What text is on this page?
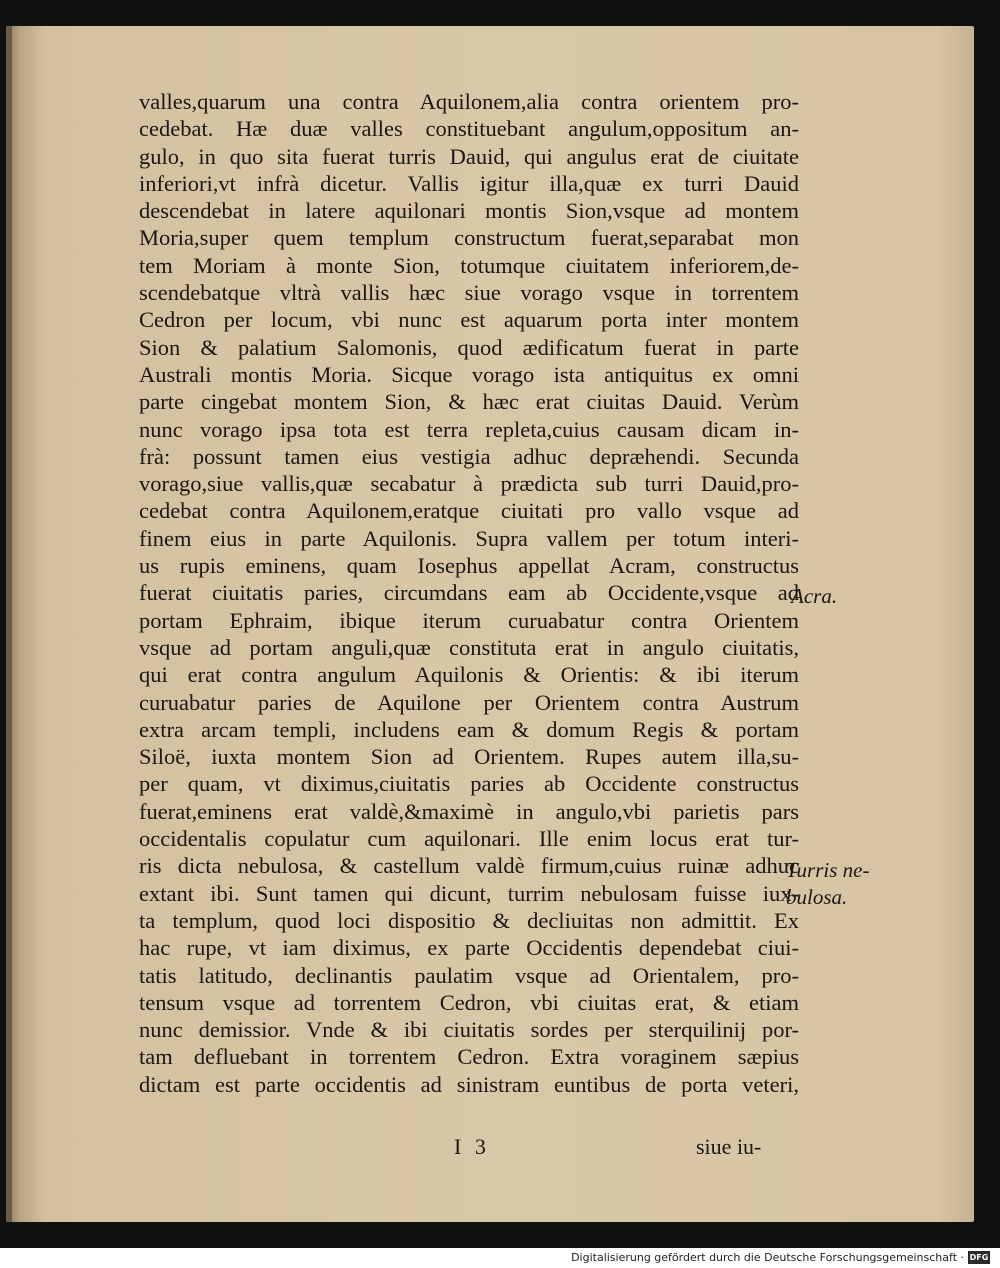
valles,quarum una contra Aquilonem,alia contra orientem pro-
cedebat. Hæ duæ valles constituebant angulum,oppositum an-
gulo, in quo sita fuerat turris Dauid, qui angulus erat de ciuitate
inferiori,vt infrà dicetur. Vallis igitur illa,quæ ex turri Dauid
descendebat in latere aquilonari montis Sion,vsque ad montem
Moria,super quem templum constructum fuerat,separabat mon
tem Moriam à monte Sion, totumque ciuitatem inferiorem,de-
scendebatque vltrà vallis hæc siue vorago vsque in torrentem
Cedron per locum, vbi nunc est aquarum porta inter montem
Sion & palatium Salomonis, quod ædificatum fuerat in parte
Australi montis Moria. Sicque vorago ista antiquitus ex omni
parte cingebat montem Sion, & hæc erat ciuitas Dauid. Verùm
nunc vorago ipsa tota est terra repleta,cuius causam dicam in-
frà: possunt tamen eius vestigia adhuc depræhendi. Secunda
vorago,siue vallis,quæ secabatur à prædicta sub turri Dauid,pro-
cedebat contra Aquilonem,eratque ciuitati pro vallo vsque ad
finem eius in parte Aquilonis. Supra vallem per totum interi-
us rupis eminens, quam Iosephus appellat Acram, constructus
fuerat ciuitatis paries, circumdans eam ab Occidente,vsque ad
portam Ephraim, ibique iterum curuabatur contra Orientem
vsque ad portam anguli,quæ constituta erat in angulo ciuitatis,
qui erat contra angulum Aquilonis & Orientis: & ibi iterum
curuabatur paries de Aquilone per Orientem contra Austrum
extra arcam templi, includens eam & domum Regis & portam
Siloë, iuxta montem Sion ad Orientem. Rupes autem illa,su-
per quam, vt diximus,ciuitatis paries ab Occidente constructus
fuerat,eminens erat valdè,&maximè in angulo,vbi parietis pars
occidentalis copulatur cum aquilonari. Ille enim locus erat tur-
ris dicta nebulosa, & castellum valdè firmum,cuius ruinæ adhuc
extant ibi. Sunt tamen qui dicunt, turrim nebulosam fuisse iux-
ta templum, quod loci dispositio & decliuitas non admittit. Ex
hac rupe, vt iam diximus, ex parte Occidentis dependebat ciui-
tatis latitudo, declinantis paulatim vsque ad Orientalem, pro-
tensum vsque ad torrentem Cedron, vbi ciuitas erat, & etiam
nunc demissior. Vnde & ibi ciuitatis sordes per sterquilinij por-
tam defluebant in torrentem Cedron. Extra voraginem sæpius
dictam est parte occidentis ad sinistram euntibus de porta veteri,
Acra.
Turris ne-
bulosa.
I 3	siue iu-
Digitalisierung gefördert durch die Deutsche Forschungsgemeinschaft · DFG
